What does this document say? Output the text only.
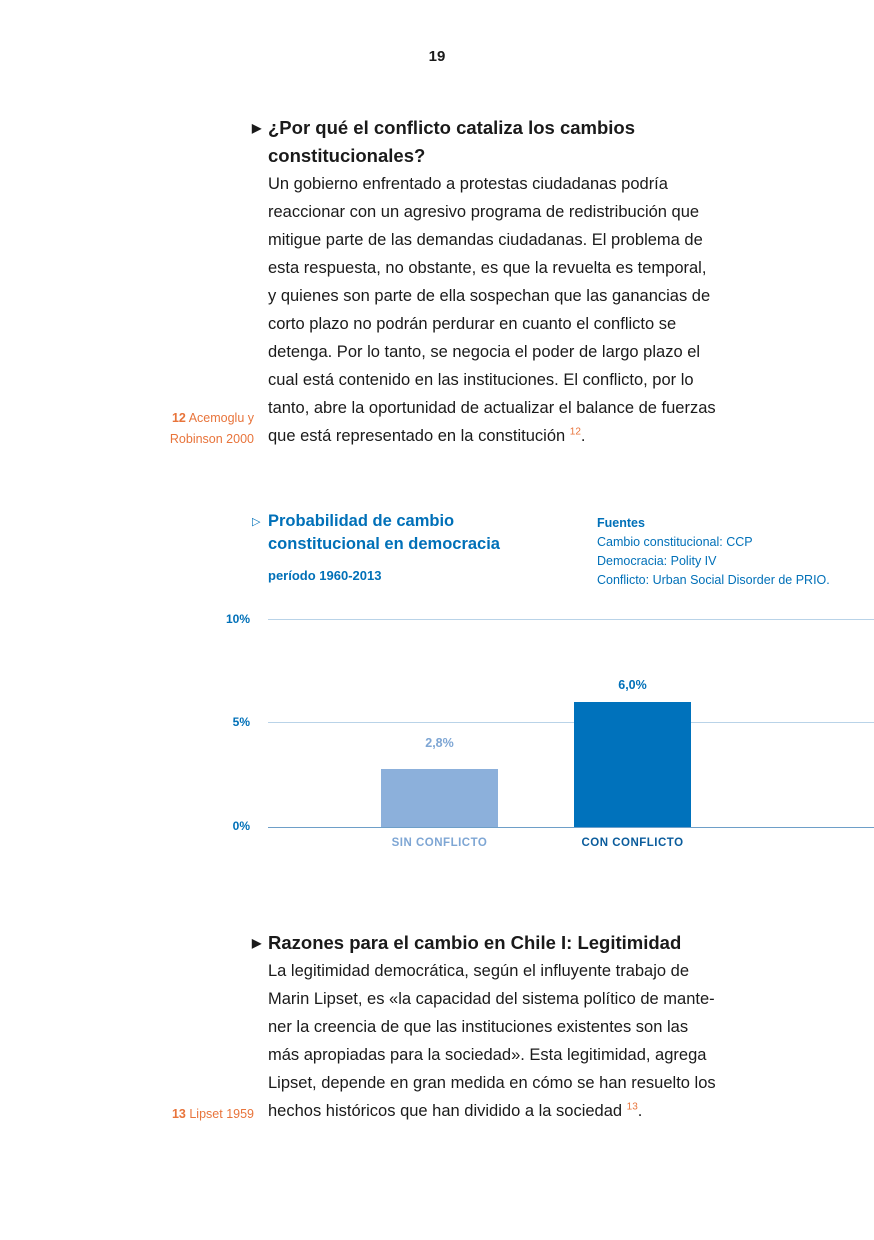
19
▶ ¿Por qué el conflicto cataliza los cambios constitucionales?
Un gobierno enfrentado a protestas ciudadanas podría
reaccionar con un agresivo programa de redistribución que
mitigue parte de las demandas ciudadanas. El problema de
esta respuesta, no obstante, es que la revuelta es temporal,
y quienes son parte de ella sospechan que las ganancias de
corto plazo no podrán perdurar en cuanto el conflicto se
detenga. Por lo tanto, se negocia el poder de largo plazo el
cual está contenido en las instituciones. El conflicto, por lo
tanto, abre la oportunidad de actualizar el balance de fuerzas
que está representado en la constitución $^{12}$.
12 Acemoglu y
Robinson 2000
▷ Probabilidad de cambio
constitucional en democracia
período 1960-2013
Fuentes
Cambio constitucional: CCP
Democracia: Polity IV
Conflicto: Urban Social Disorder de PRIO.
10%
5%
0%
2,8%
6,0%
SIN CONFLICTO	CON CONFLICTO
▶ Razones para el cambio en Chile I: Legitimidad
La legitimidad democrática, según el influyente trabajo de
Marin Lipset, es «la capacidad del sistema político de mante-
ner la creencia de que las instituciones existentes son las
más apropiadas para la sociedad». Esta legitimidad, agrega
Lipset, depende en gran medida en cómo se han resuelto los
hechos históricos que han dividido a la sociedad $^{13}$.
13 Lipset 1959
